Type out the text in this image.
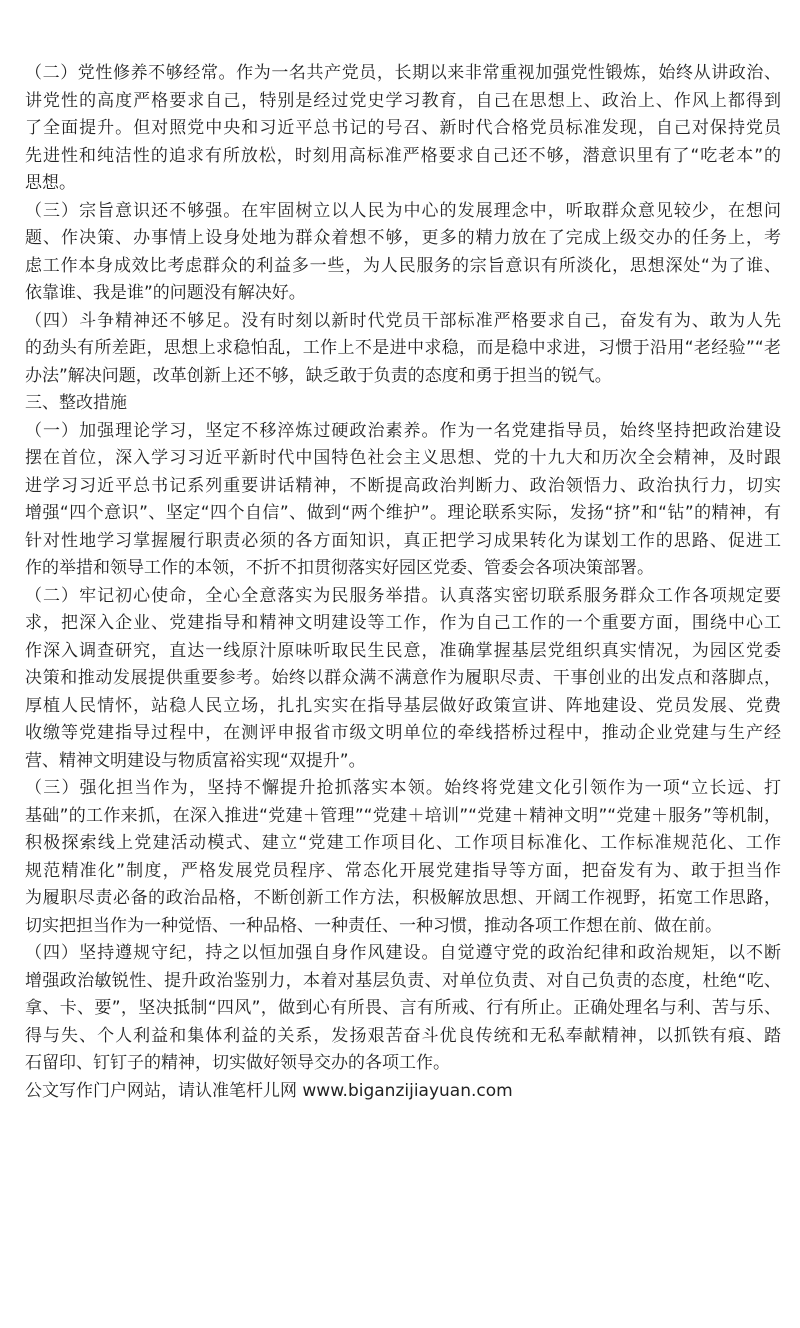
（二）党性修养不够经常。作为一名共产党员，长期以来非常重视加强党性锻炼，始终从讲政治、
讲党性的高度严格要求自己，特别是经过党史学习教育，自己在思想上、政治上、作风上都得到
了全面提升。但对照党中央和习近平总书记的号召、新时代合格党员标准发现，自己对保持党员
先进性和纯洁性的追求有所放松，时刻用高标准严格要求自己还不够，潜意识里有了“吃老本”的
思想。
（三）宗旨意识还不够强。在牢固树立以人民为中心的发展理念中，听取群众意见较少，在想问
题、作决策、办事情上设身处地为群众着想不够，更多的精力放在了完成上级交办的任务上，考
虑工作本身成效比考虑群众的利益多一些，为人民服务的宗旨意识有所淡化，思想深处“为了谁、
依靠谁、我是谁”的问题没有解决好。
（四）斗争精神还不够足。没有时刻以新时代党员干部标准严格要求自己，奋发有为、敢为人先
的劲头有所差距，思想上求稳怕乱，工作上不是进中求稳，而是稳中求进，习惯于沿用“老经验”“老
办法”解决问题，改革创新上还不够，缺乏敢于负责的态度和勇于担当的锐气。
三、整改措施
（一）加强理论学习，坚定不移淬炼过硬政治素养。作为一名党建指导员，始终坚持把政治建设
摆在首位，深入学习习近平新时代中国特色社会主义思想、党的十九大和历次全会精神，及时跟
进学习习近平总书记系列重要讲话精神，不断提高政治判断力、政治领悟力、政治执行力，切实
增强“四个意识”、坚定“四个自信”、做到“两个维护”。理论联系实际，发扬“挤”和“钻”的精神，有
针对性地学习掌握履行职责必须的各方面知识，真正把学习成果转化为谋划工作的思路、促进工
作的举措和领导工作的本领，不折不扣贯彻落实好园区党委、管委会各项决策部署。
（二）牢记初心使命，全心全意落实为民服务举措。认真落实密切联系服务群众工作各项规定要
求，把深入企业、党建指导和精神文明建设等工作，作为自己工作的一个重要方面，围绕中心工
作深入调查研究，直达一线原汁原味听取民生民意，准确掌握基层党组织真实情况，为园区党委
决策和推动发展提供重要参考。始终以群众满不满意作为履职尽责、干事创业的出发点和落脚点，
厚植人民情怀，站稳人民立场，扎扎实实在指导基层做好政策宣讲、阵地建设、党员发展、党费
收缴等党建指导过程中，在测评申报省市级文明单位的牵线搭桥过程中，推动企业党建与生产经
营、精神文明建设与物质富裕实现“双提升”。
（三）强化担当作为，坚持不懈提升抢抓落实本领。始终将党建文化引领作为一项“立长远、打
基础”的工作来抓，在深入推进“党建＋管理”“党建＋培训”“党建＋精神文明”“党建＋服务”等机制，
积极探索线上党建活动模式、建立“党建工作项目化、工作项目标准化、工作标准规范化、工作
规范精准化”制度，严格发展党员程序、常态化开展党建指导等方面，把奋发有为、敢于担当作
为履职尽责必备的政治品格，不断创新工作方法，积极解放思想、开阔工作视野，拓宽工作思路，
切实把担当作为一种觉悟、一种品格、一种责任、一种习惯，推动各项工作想在前、做在前。
（四）坚持遵规守纪，持之以恒加强自身作风建设。自觉遵守党的政治纪律和政治规矩，以不断
增强政治敏锐性、提升政治鉴别力，本着对基层负责、对单位负责、对自己负责的态度，杜绝“吃、
拿、卡、要”，坚决抵制“四风”，做到心有所畏、言有所戒、行有所止。正确处理名与利、苦与乐、
得与失、个人利益和集体利益的关系，发扬艰苦奋斗优良传统和无私奉献精神，以抓铁有痕、踏
石留印、钉钉子的精神，切实做好领导交办的各项工作。
公文写作门户网站，请认准笔杆儿网 www.biganzijiayuan.com
